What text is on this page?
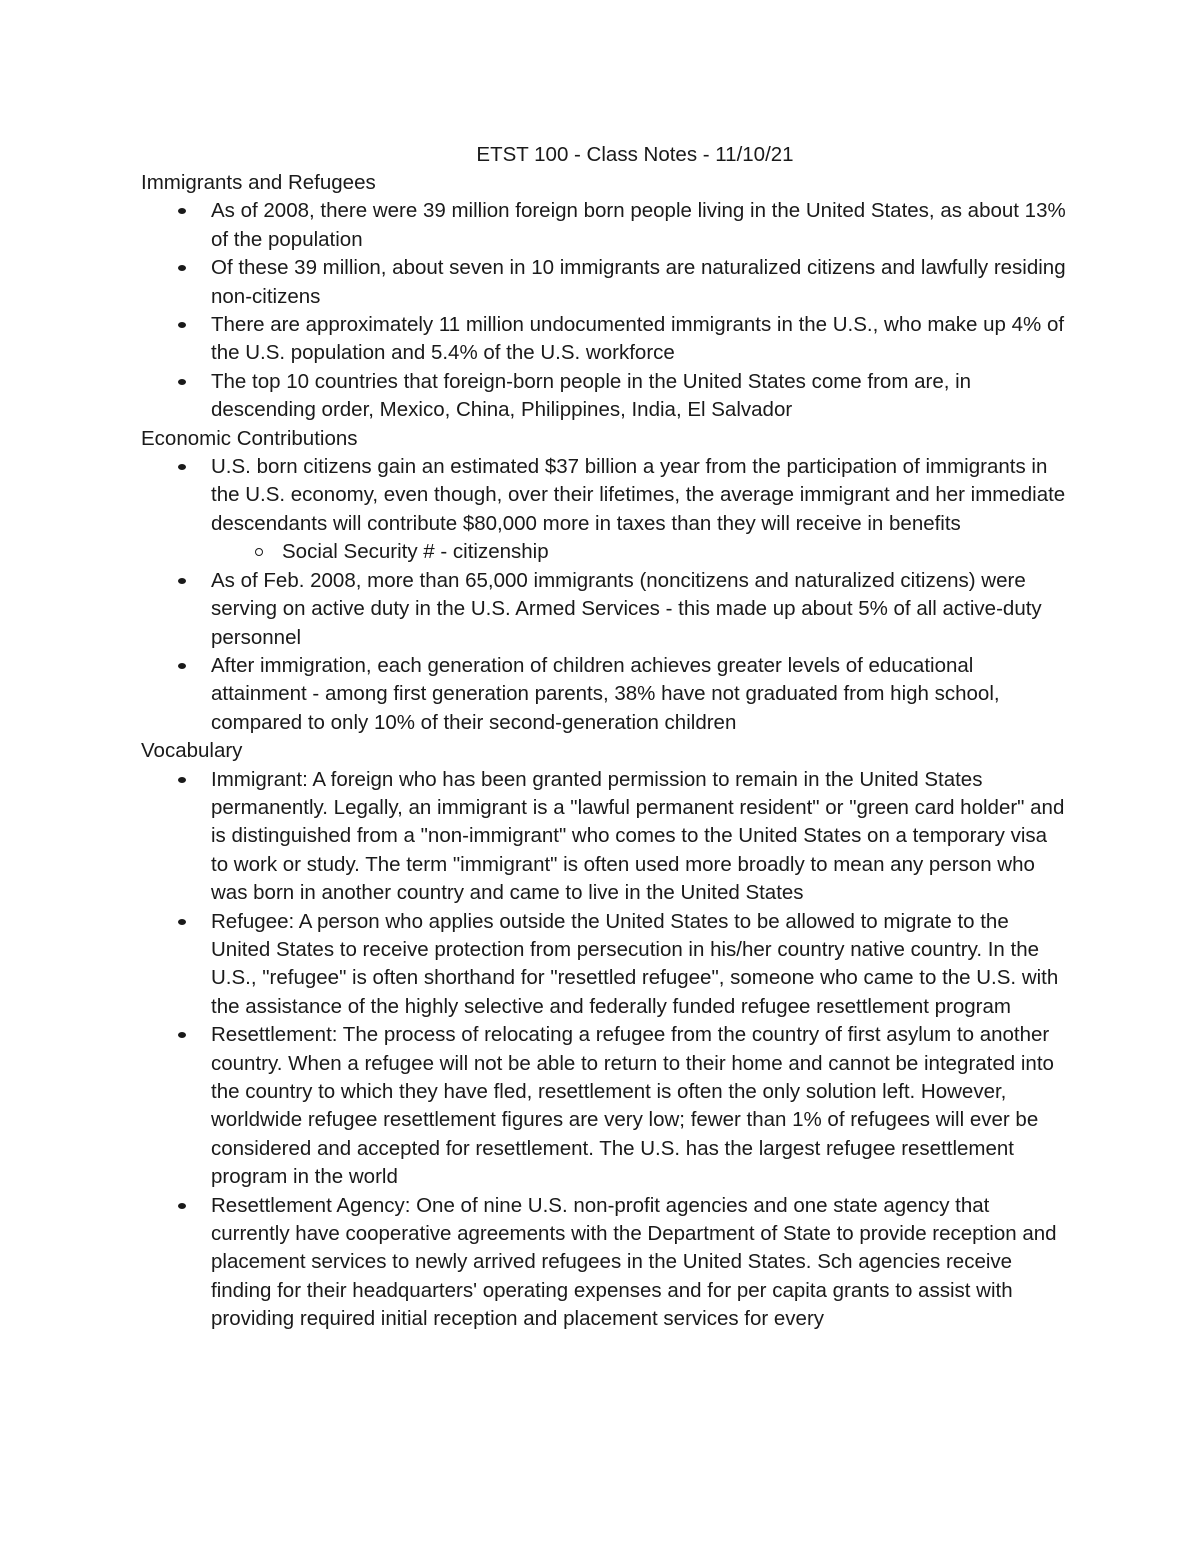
ETST 100 - Class Notes - 11/10/21
Immigrants and Refugees
As of 2008, there were 39 million foreign born people living in the United States, as about 13% of the population
Of these 39 million, about seven in 10 immigrants are naturalized citizens and lawfully residing non-citizens
There are approximately 11 million undocumented immigrants in the U.S., who make up 4% of the U.S. population and 5.4% of the U.S. workforce
The top 10 countries that foreign-born people in the United States come from are, in descending order, Mexico, China, Philippines, India, El Salvador
Economic Contributions
U.S. born citizens gain an estimated $37 billion a year from the participation of immigrants in the U.S. economy, even though, over their lifetimes, the average immigrant and her immediate descendants will contribute $80,000 more in taxes than they will receive in benefits
Social Security # - citizenship
As of Feb. 2008, more than 65,000 immigrants (noncitizens and naturalized citizens) were serving on active duty in the U.S. Armed Services - this made up about 5% of all active-duty personnel
After immigration, each generation of children achieves greater levels of educational attainment - among first generation parents, 38% have not graduated from high school, compared to only 10% of their second-generation children
Vocabulary
Immigrant: A foreign who has been granted permission to remain in the United States permanently. Legally, an immigrant is a "lawful permanent resident" or "green card holder" and is distinguished from a "non-immigrant" who comes to the United States on a temporary visa to work or study. The term "immigrant" is often used more broadly to mean any person who was born in another country and came to live in the United States
Refugee: A person who applies outside the United States to be allowed to migrate to the United States to receive protection from persecution in his/her country native country. In the U.S., "refugee" is often shorthand for "resettled refugee", someone who came to the U.S. with the assistance of the highly selective and federally funded refugee resettlement program
Resettlement: The process of relocating a refugee from the country of first asylum to another country. When a refugee will not be able to return to their home and cannot be integrated into the country to which they have fled, resettlement is often the only solution left. However, worldwide refugee resettlement figures are very low; fewer than 1% of refugees will ever be considered and accepted for resettlement. The U.S. has the largest refugee resettlement program in the world
Resettlement Agency: One of nine U.S. non-profit agencies and one state agency that currently have cooperative agreements with the Department of State to provide reception and placement services to newly arrived refugees in the United States. Sch agencies receive finding for their headquarters' operating expenses and for per capita grants to assist with providing required initial reception and placement services for every
